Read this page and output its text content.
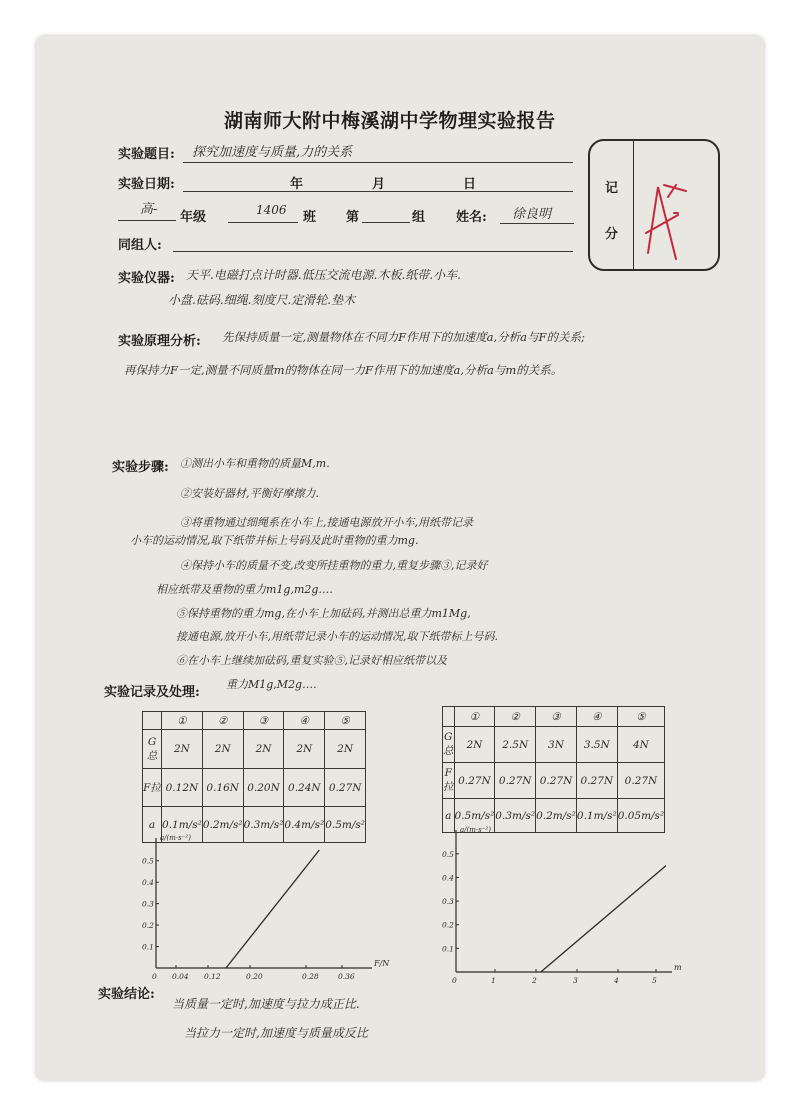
湖南师大附中梅溪湖中学物理实验报告
实验题目: 探究加速度与质量,力的关系
实验日期:	年	月	日
高-
年级	1406 班 第	组 姓名: 徐良明
同组人:
记
分
实验仪器: 天平.电磁打点计时器.低压交流电源.木板.纸带.小车.
小盘.砝码.细绳.刻度尺.定滑轮.垫木
实验原理分析: 先保持质量一定,测量物体在不同力F作用下的加速度a,分析a与F的关系;
再保持力F一定,测量不同质量m的物体在同一力F作用下的加速度a,分析a与m的关系。
实验步骤: ①测出小车和重物的质量M,m.
②安装好器材,平衡好摩擦力.
③将重物通过细绳系在小车上,接通电源放开小车,用纸带记录
小车的运动情况,取下纸带并标上号码及此时重物的重力mg.
④保持小车的质量不变,改变所挂重物的重力,重复步骤③,记录好
相应纸带及重物的重力m1g,m2g….
⑤保持重物的重力mg,在小车上加砝码,并测出总重力m1Mg,
接通电源,放开小车,用纸带记录小车的运动情况,取下纸带标上号码.
⑥在小车上继续加砝码,重复实验⑤,记录好相应纸带以及
重力M1g,M2g….
实验记录及处理:
	①	②	③	④	⑤
G总	2N	2N	2N	2N	2N
F拉	0.12N	0.16N	0.20N	0.24N	0.27N
a	0.1m/s²	0.2m/s²	0.3m/s²	0.4m/s²	0.5m/s²
	①	②	③	④	⑤
G总	2N	2.5N	3N	3.5N	4N
F拉	0.27N	0.27N	0.27N	0.27N	0.27N
a	0.5m/s²	0.3m/s²	0.2m/s²	0.1m/s²	0.05m/s²
a/(m·s⁻²)
F/N
0 0.04 0.12	0.20	0.28	0.36
0.1
0.2
0.3
0.4
0.5
a/(m·s⁻²)
m
0	1	2	3	4	5
0.1
0.2
0.3
0.4
0.5
实验结论:
当质量一定时,加速度与拉力成正比.
当拉力一定时,加速度与质量成反比
